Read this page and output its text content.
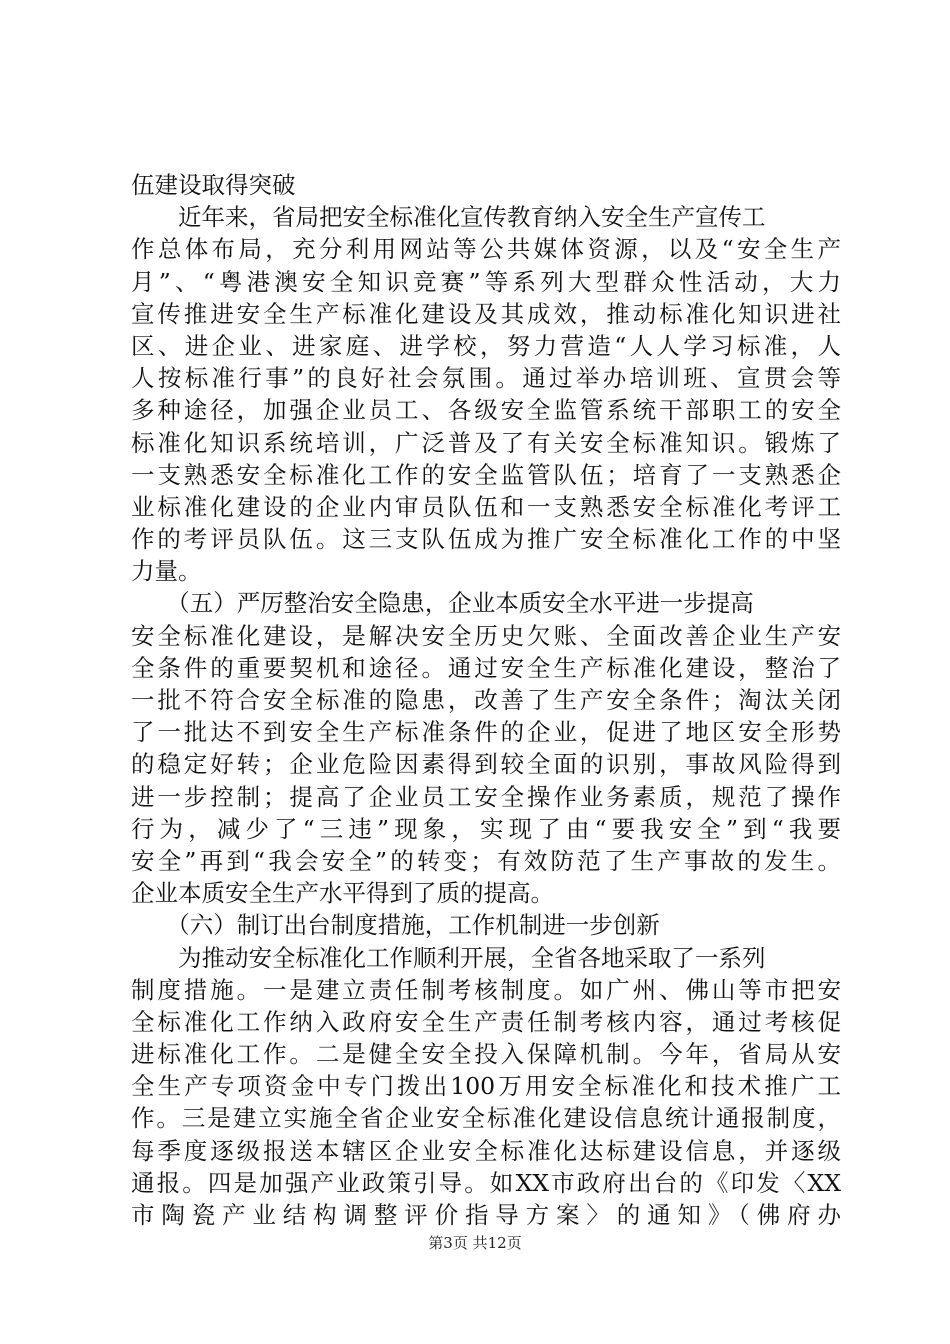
伍建设取得突破
　　近年来，省局把安全标准化宣传教育纳入安全生产宣传工
作总体布局，充分利用网站等公共媒体资源，以及“安全生产
月”、“粤港澳安全知识竞赛”等系列大型群众性活动，大力
宣传推进安全生产标准化建设及其成效，推动标准化知识进社
区、进企业、进家庭、进学校，努力营造“人人学习标准，人
人按标准行事”的良好社会氛围。通过举办培训班、宣贯会等
多种途径，加强企业员工、各级安全监管系统干部职工的安全
标准化知识系统培训，广泛普及了有关安全标准知识。锻炼了
一支熟悉安全标准化工作的安全监管队伍；培育了一支熟悉企
业标准化建设的企业内审员队伍和一支熟悉安全标准化考评工
作的考评员队伍。这三支队伍成为推广安全标准化工作的中坚
力量。
　　（五）严厉整治安全隐患，企业本质安全水平进一步提高
安全标准化建设，是解决安全历史欠账、全面改善企业生产安
全条件的重要契机和途径。通过安全生产标准化建设，整治了
一批不符合安全标准的隐患，改善了生产安全条件；淘汰关闭
了一批达不到安全生产标准条件的企业，促进了地区安全形势
的稳定好转；企业危险因素得到较全面的识别，事故风险得到
进一步控制；提高了企业员工安全操作业务素质，规范了操作
行为，减少了“三违”现象，实现了由“要我安全”到“我要
安全”再到“我会安全”的转变；有效防范了生产事故的发生。
企业本质安全生产水平得到了质的提高。
　　（六）制订出台制度措施，工作机制进一步创新
　　为推动安全标准化工作顺利开展，全省各地采取了一系列
制度措施。一是建立责任制考核制度。如广州、佛山等市把安
全标准化工作纳入政府安全生产责任制考核内容，通过考核促
进标准化工作。二是健全安全投入保障机制。今年，省局从安
全生产专项资金中专门拨出100万用安全标准化和技术推广工
作。三是建立实施全省企业安全标准化建设信息统计通报制度，
每季度逐级报送本辖区企业安全标准化达标建设信息，并逐级
通报。四是加强产业政策引导。如XX市政府出台的《印发〈XX
市陶瓷产业结构调整评价指导方案〉的通知》（佛府办
第3页 共12页
